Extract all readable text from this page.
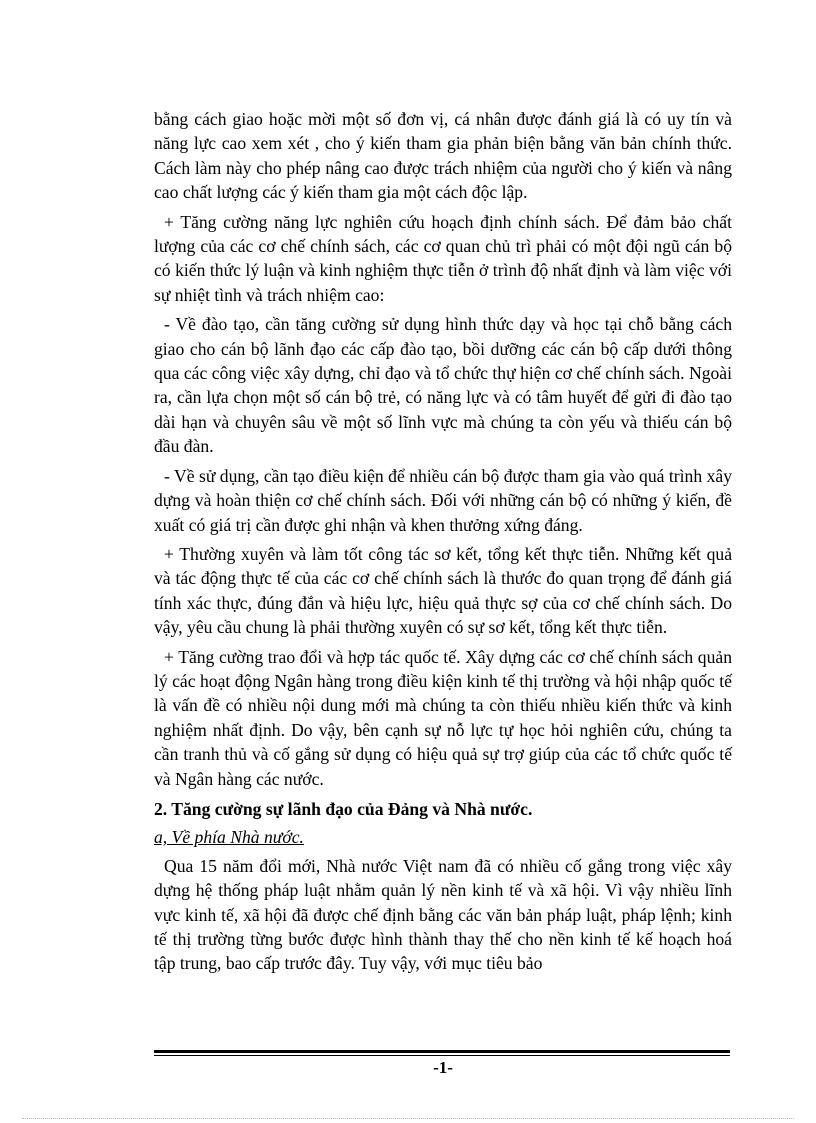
bằng cách giao hoặc mời một số đơn vị, cá nhân được đánh giá là có uy tín và năng lực cao xem xét , cho ý kiến tham gia phản biện bằng văn bản chính thức. Cách làm này cho phép nâng cao được trách nhiệm của người cho ý kiến và nâng cao chất lượng các ý kiến tham gia một cách độc lập.

+ Tăng cường năng lực nghiên cứu hoạch định chính sách. Để đảm bảo chất lượng của các cơ chế chính sách, các cơ quan chủ trì phải có một đội ngũ cán bộ có kiến thức lý luận và kinh nghiệm thực tiễn ở trình độ nhất định và làm việc với sự nhiệt tình và trách nhiệm cao:

- Về đào tạo, cần tăng cường sử dụng hình thức dạy và học tại chỗ bằng cách giao cho cán bộ lãnh đạo các cấp đào tạo, bồi dưỡng các cán bộ cấp dưới thông qua các công việc xây dựng, chỉ đạo và tổ chức thự hiện cơ chế chính sách. Ngoài ra, cần lựa chọn một số cán bộ trẻ, có năng lực và có tâm huyết để gửi đi đào tạo dài hạn và chuyên sâu về một số lĩnh vực mà chúng ta còn yếu và thiếu cán bộ đầu đàn.

- Về sử dụng, cần tạo điều kiện để nhiều cán bộ được tham gia vào quá trình xây dựng và hoàn thiện cơ chế chính sách. Đối với những cán bộ có những ý kiến, đề xuất có giá trị cần được ghi nhận và khen thưởng xứng đáng.

+ Thường xuyên và làm tốt công tác sơ kết, tổng kết thực tiễn. Những kết quả và tác động thực tế của các cơ chế chính sách là thước đo quan trọng để đánh giá tính xác thực, đúng đắn và hiệu lực, hiệu quả thực sợ của cơ chế chính sách. Do vậy, yêu cầu chung là phải thường xuyên có sự sơ kết, tổng kết thực tiễn.

+ Tăng cường trao đổi và hợp tác quốc tế. Xây dựng các cơ chế chính sách quản lý các hoạt động Ngân hàng trong điều kiện kinh tế thị trường và hội nhập quốc tế là vấn đề có nhiều nội dung mới mà chúng ta còn thiếu nhiều kiến thức và kinh nghiệm nhất định. Do vậy, bên cạnh sự nỗ lực tự học hỏi nghiên cứu, chúng ta cần tranh thủ và cố gắng sử dụng có hiệu quả sự trợ giúp của các tổ chức quốc tế và Ngân hàng các nước.

2. Tăng cường sự lãnh đạo của Đảng và Nhà nước.
a, Về phía Nhà nước.

Qua 15 năm đổi mới, Nhà nước Việt nam đã có nhiều cố gắng trong việc xây dựng hệ thống pháp luật nhằm quản lý nền kinh tế và xã hội. Vì vậy nhiều lĩnh vực kinh tế, xã hội đã được chế định bằng các văn bản pháp luật, pháp lệnh; kinh tế thị trường từng bước được hình thành thay thế cho nền kinh tế kế hoạch hoá tập trung, bao cấp trước đây. Tuy vậy, với mục tiêu bảo

-1-
